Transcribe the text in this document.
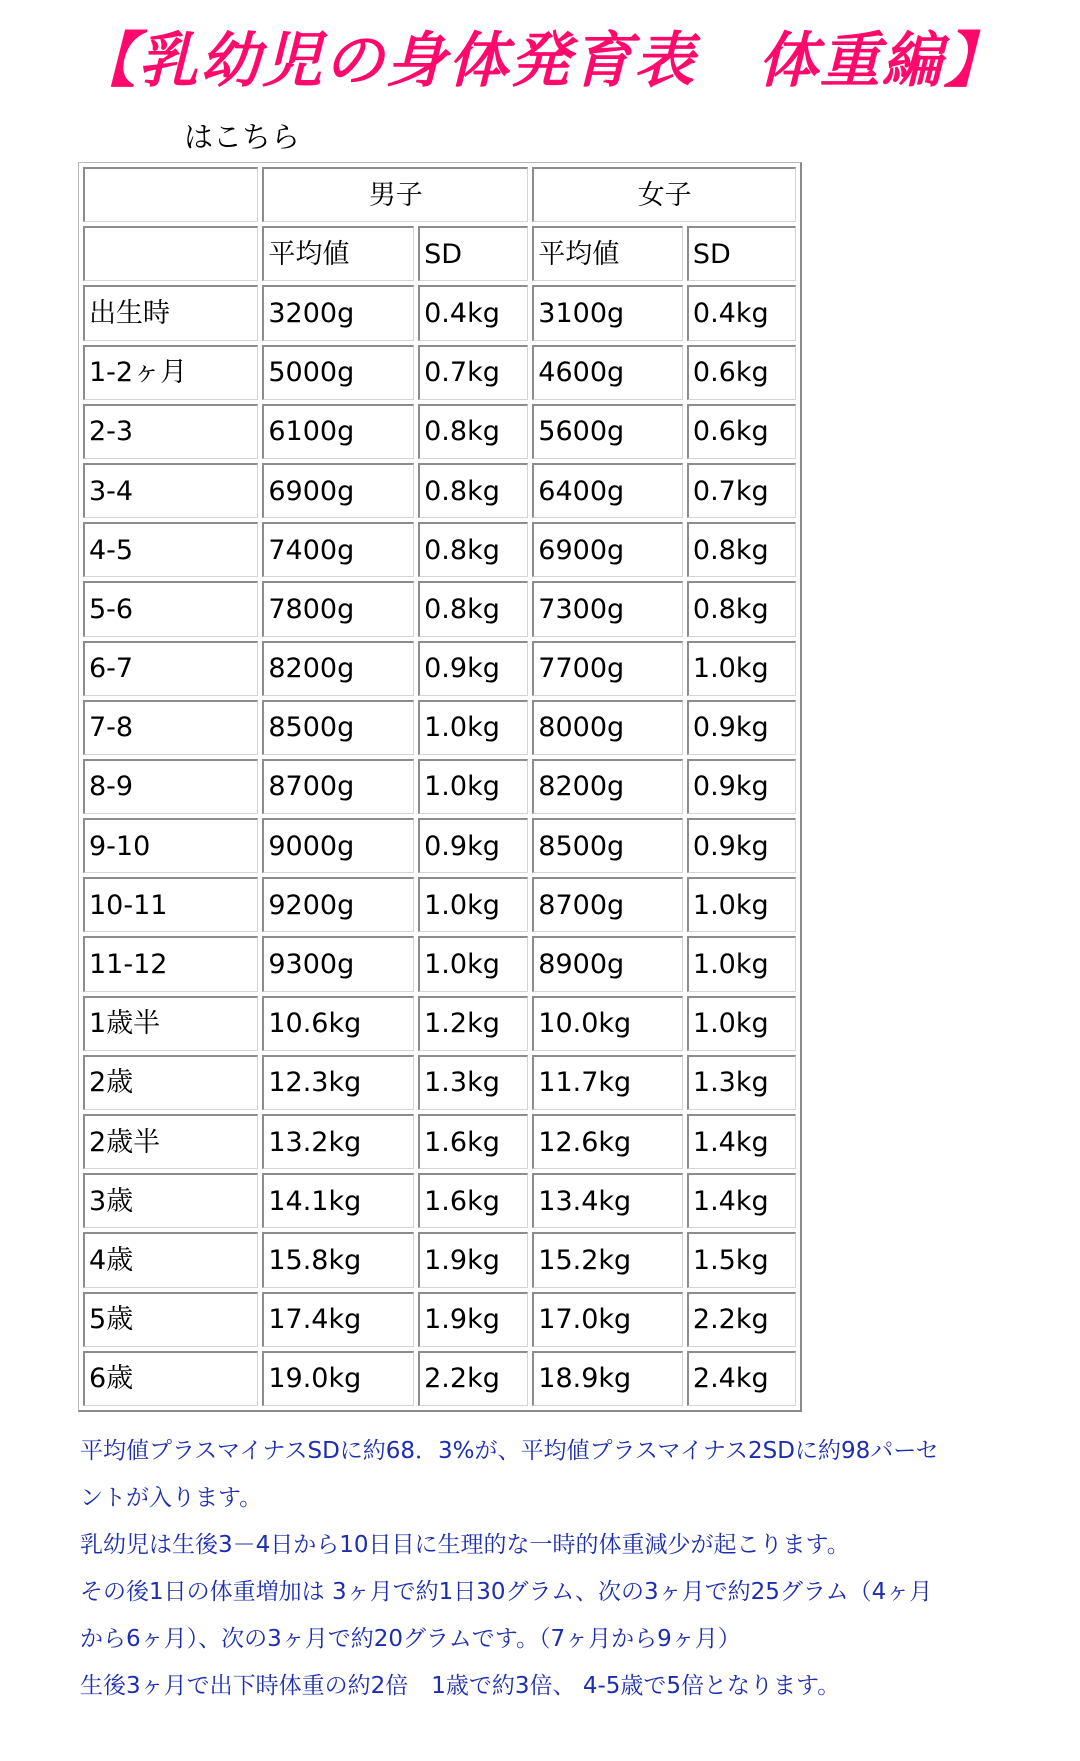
【乳幼児の身体発育表　体重編】
はこちら
	男子		女子	
	平均値	SD	平均値	SD
出生時	3200g	0.4kg	3100g	0.4kg
1-2ヶ月	5000g	0.7kg	4600g	0.6kg
2-3	6100g	0.8kg	5600g	0.6kg
3-4	6900g	0.8kg	6400g	0.7kg
4-5	7400g	0.8kg	6900g	0.8kg
5-6	7800g	0.8kg	7300g	0.8kg
6-7	8200g	0.9kg	7700g	1.0kg
7-8	8500g	1.0kg	8000g	0.9kg
8-9	8700g	1.0kg	8200g	0.9kg
9-10	9000g	0.9kg	8500g	0.9kg
10-11	9200g	1.0kg	8700g	1.0kg
11-12	9300g	1.0kg	8900g	1.0kg
1歳半	10.6kg	1.2kg	10.0kg	1.0kg
2歳	12.3kg	1.3kg	11.7kg	1.3kg
2歳半	13.2kg	1.6kg	12.6kg	1.4kg
3歳	14.1kg	1.6kg	13.4kg	1.4kg
4歳	15.8kg	1.9kg	15.2kg	1.5kg
5歳	17.4kg	1.9kg	17.0kg	2.2kg
6歳	19.0kg	2.2kg	18.9kg	2.4kg
平均値プラスマイナスSDに約68．3%が、平均値プラスマイナス2SDに約98パーセ
ントが入ります。
乳幼児は生後3－4日から10日目に生理的な一時的体重減少が起こります。
その後1日の体重増加は 3ヶ月で約1日30グラム、次の3ヶ月で約25グラム（4ヶ月
から6ヶ月）、次の3ヶ月で約20グラムです。（7ヶ月から9ヶ月）
生後3ヶ月で出下時体重の約2倍　1歳で約3倍、 4-5歳で5倍となります。
